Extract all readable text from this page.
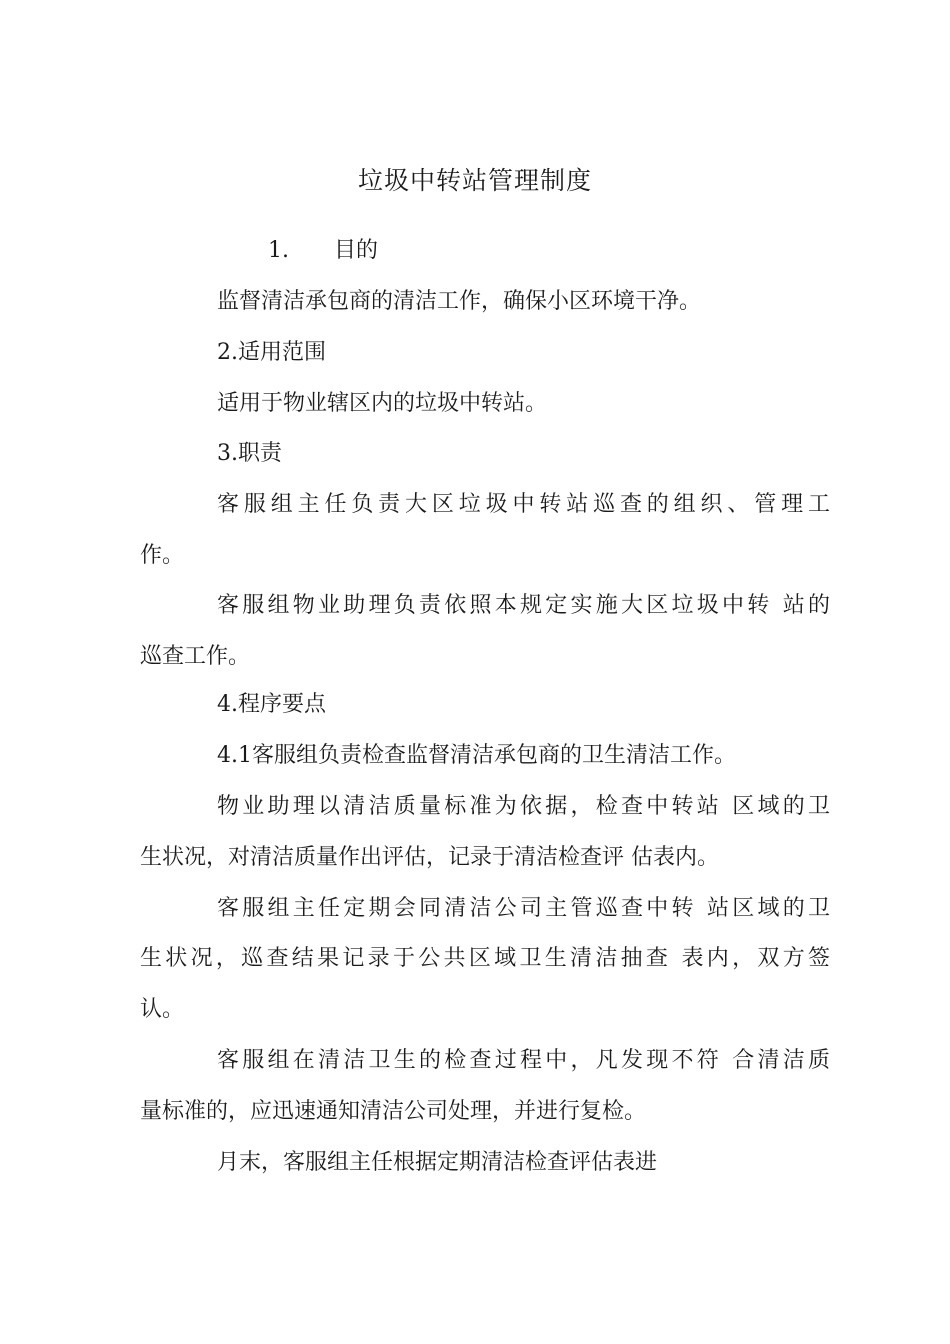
垃圾中转站管理制度
1. 目的
监督清洁承包商的清洁工作，确保小区环境干净。
2.适用范围
适用于物业辖区内的垃圾中转站。
3.职责
客服组主任负责大区垃圾中转站巡查的组织、管理工
作。
客服组物业助理负责依照本规定实施大区垃圾中转 站的
巡查工作。
4.程序要点
4.1客服组负责检查监督清洁承包商的卫生清洁工作。
物业助理以清洁质量标准为依据，检查中转站 区域的卫
生状况，对清洁质量作出评估，记录于清洁检查评 估表内。
客服组主任定期会同清洁公司主管巡查中转 站区域的卫
生状况，巡查结果记录于公共区域卫生清洁抽查 表内，双方签
认。
客服组在清洁卫生的检查过程中，凡发现不符 合清洁质
量标准的，应迅速通知清洁公司处理，并进行复检。
月末，客服组主任根据定期清洁检查评估表进
